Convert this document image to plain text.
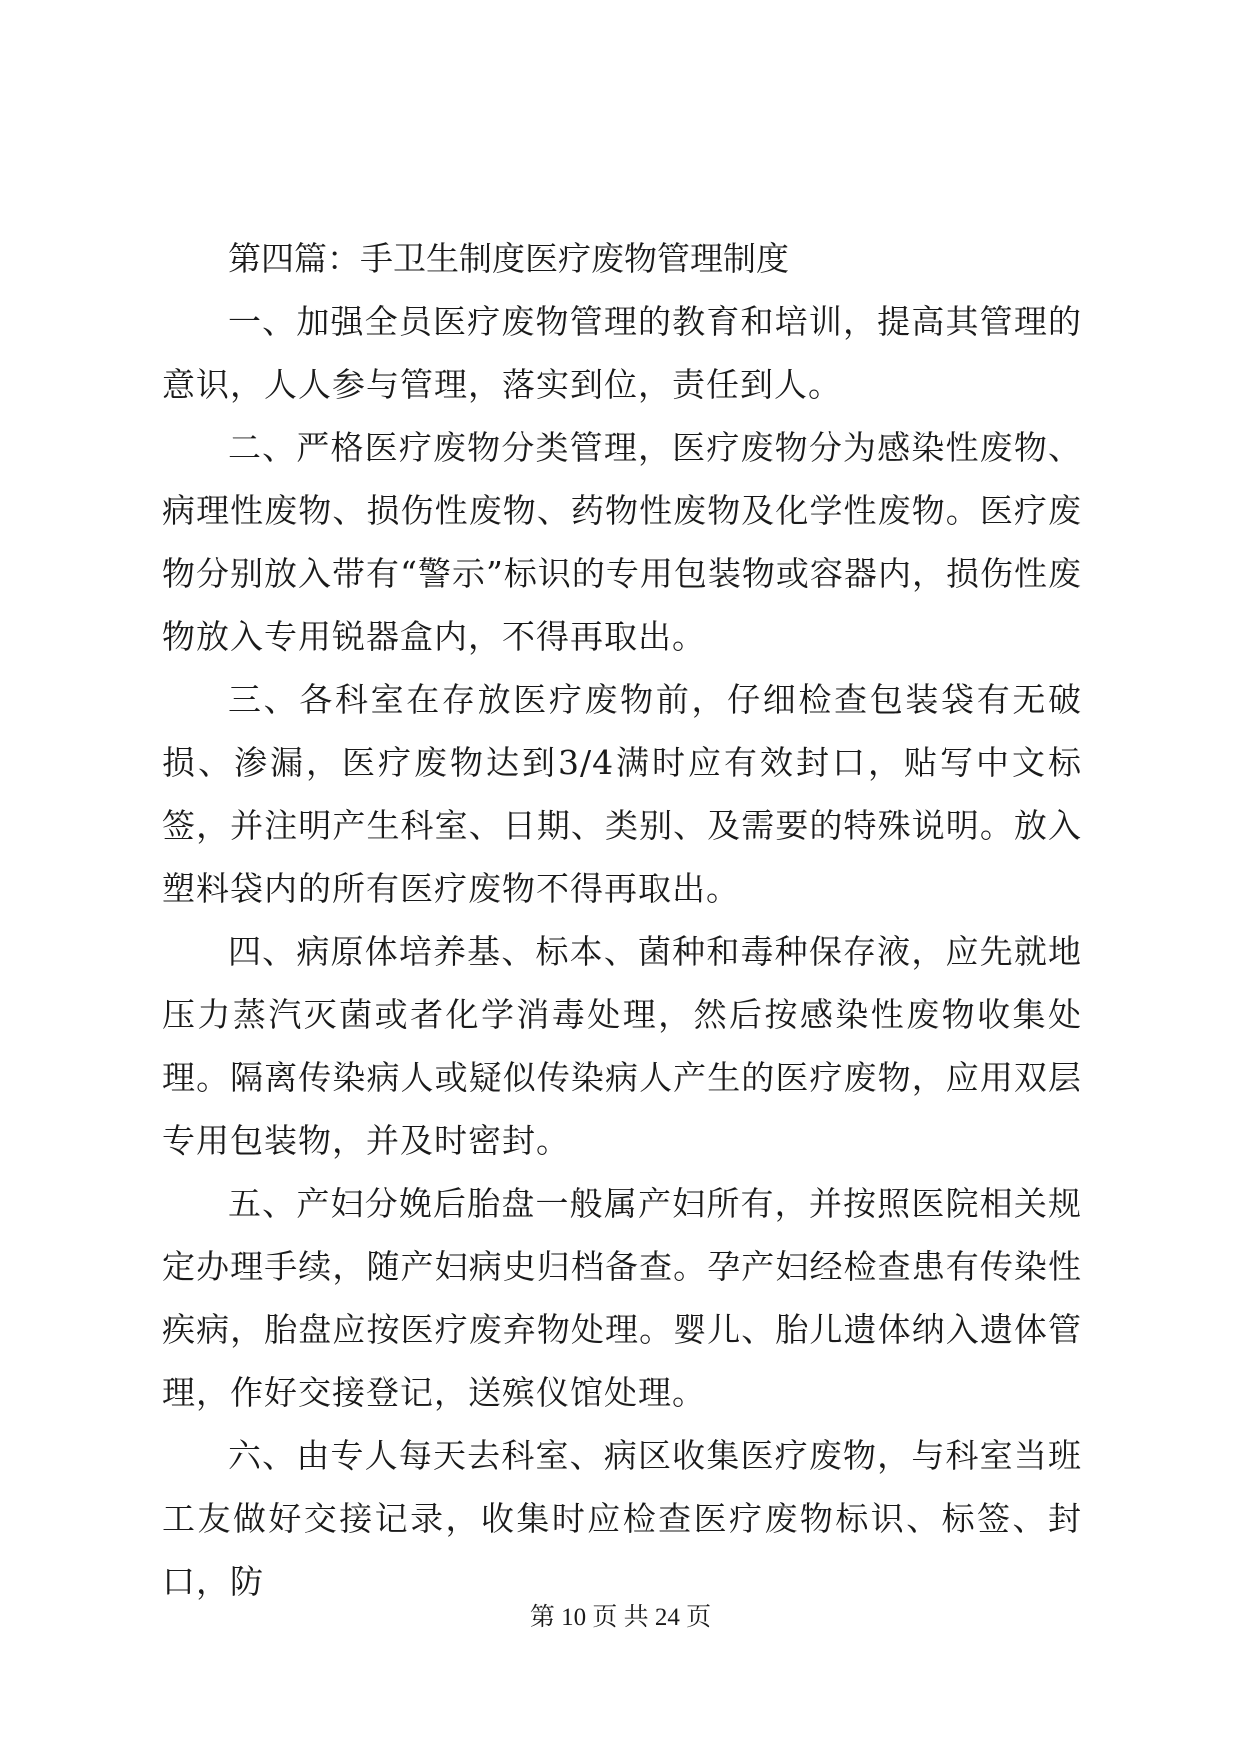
第四篇：手卫生制度医疗废物管理制度

一、加强全员医疗废物管理的教育和培训，提高其管理的意识，人人参与管理，落实到位，责任到人。

二、严格医疗废物分类管理，医疗废物分为感染性废物、病理性废物、损伤性废物、药物性废物及化学性废物。医疗废物分别放入带有“警示”标识的专用包装物或容器内，损伤性废物放入专用锐器盒内，不得再取出。

三、各科室在存放医疗废物前，仔细检查包装袋有无破损、渗漏，医疗废物达到3/4满时应有效封口，贴写中文标签，并注明产生科室、日期、类别、及需要的特殊说明。放入塑料袋内的所有医疗废物不得再取出。

四、病原体培养基、标本、菌种和毒种保存液，应先就地压力蒸汽灭菌或者化学消毒处理，然后按感染性废物收集处理。隔离传染病人或疑似传染病人产生的医疗废物，应用双层专用包装物，并及时密封。

五、产妇分娩后胎盘一般属产妇所有，并按照医院相关规定办理手续，随产妇病史归档备查。孕产妇经检查患有传染性疾病，胎盘应按医疗废弃物处理。婴儿、胎儿遗体纳入遗体管理，作好交接登记，送殡仪馆处理。

六、由专人每天去科室、病区收集医疗废物，与科室当班工友做好交接记录，收集时应检查医疗废物标识、标签、封口，防

第 10 页 共 24 页
